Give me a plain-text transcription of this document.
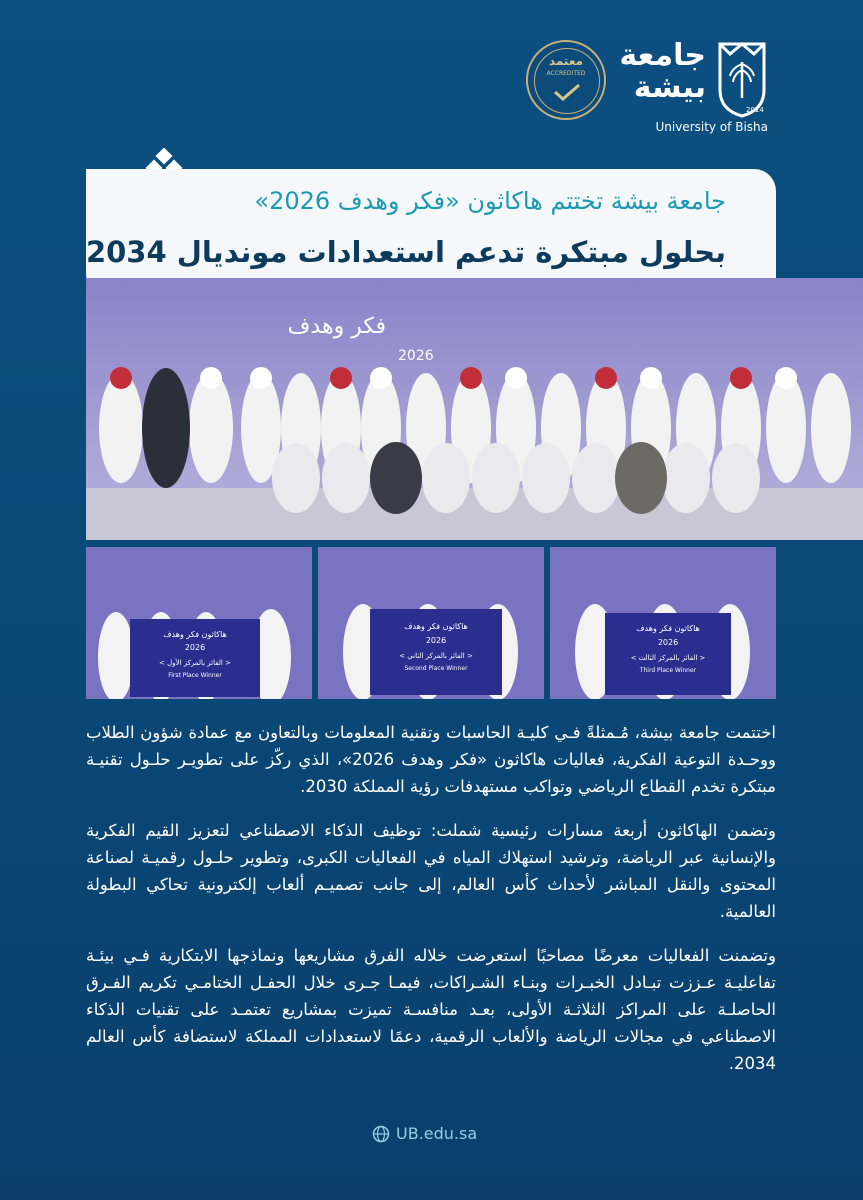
2014
جامعة بيشة
University of Bisha
معتمد
ACCREDITED
جامعة بيشة تختتم هاكاثون «فكر وهدف 2026»
بحلول مبتكرة تدعم استعدادات مونديال 2034
فكر وهدف
2026
هاكاثون فكر وهدف
2026
< الفائز بالمركز الأول >
First Place Winner
هاكاثون فكر وهدف
2026
< الفائز بالمركز الثاني >
Second Place Winner
هاكاثون فكر وهدف
2026
< الفائز بالمركز الثالث >
Third Place Winner

اختتمت جامعة بيشة، مُـمثلةً فـي كليـة الحاسبات وتقنية المعلومات وبالتعاون مع عمادة شؤون الطلاب ووحـدة التوعية الفكرية، فعاليات هاكاثون «فكر وهدف 2026»، الذي ركّز على تطويـر حلـول تقنيـة مبتكرة تخدم القطاع الرياضي وتواكب مستهدفات رؤية المملكة 2030.

وتضمن الهاكاثون أربعة مسارات رئيسية شملت: توظيف الذكاء الاصطناعي لتعزيز القيم الفكرية والإنسانية عبر الرياضة، وترشيد استهلاك المياه في الفعاليات الكبرى، وتطوير حلـول رقميـة لصناعة المحتوى والنقل المباشر لأحداث كأس العالم، إلى جانب تصميـم ألعاب إلكترونية تحاكي البطولة العالمية.

وتضمنت الفعاليات معرضًا مصاحبًا استعرضت خلاله الفرق مشاريعها ونماذجها الابتكارية فـي بيئـة تفاعليـة عـززت تبـادل الخبـرات وبنـاء الشـراكات، فيمـا جـرى خلال الحفـل الختامـي تكريم الفـرق الحاصلـة على المراكز الثلاثـة الأولى، بعـد منافسـة تميزت بمشاريع تعتمـد على تقنيات الذكاء الاصطناعي في مجالات الرياضة والألعاب الرقمية، دعمًا لاستعدادات المملكة لاستضافة كأس العالم 2034.

UB.edu.sa
